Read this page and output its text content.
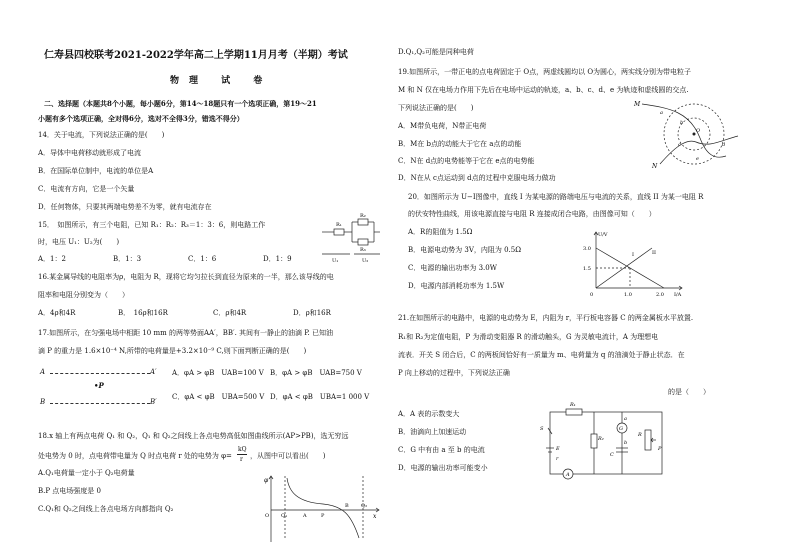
仁寿县四校联考2021-2022学年高二上学期11月月考（半期）考试
物理 试 卷
二、选择题（本题共8个小题，每小题6分，第14～18题只有一个选项正确，第19～21
小题有多个选项正确，全对得6分，选对不全得3分，错选不得分）
14．关于电流，下列说法正确的是(　　)
A．导体中电荷移动就形成了电流
B．在国际单位制中，电流的单位是A
C．电流有方向，它是一个矢量
D．任何物体，只要其两端电势差不为零，就有电流存在
15．　如图所示，有三个电阻，已知 R₁：R₂：R₃＝1：3：6，则电路工作
时，电压 U₁：U₂为(　　)
A．1：2	B．1：3	C．1：6	D．1：9
R₁
R₂
R₃
U₁	U₂
16.某金属导线的电阻率为ρ，电阻为 R，现将它均匀拉长到直径为原来的一半，那么该导线的电
阻率和电阻分别变为（　　）
A．4ρ和4R	B．　16ρ和16R	C．ρ和4R	D．ρ和16R
17.如图所示，在匀强电场中相距 10 mm 的两等势面AA′，BB′. 其间有一静止的油滴 P. 已知油
滴 P 的重力是 1.6×10⁻⁴ N,所带的电荷量是+3.2×10⁻⁹ C,则下面判断正确的是(　　)
A	A′
•P
B	B′
A．φA > φB　UAB=100 V B．φA > φB　UAB=750 V
C．φA < φB　UBA=500 V D．φA < φB　UBA=1 000 V
18.x 轴上有两点电荷 Q₁ 和 Q₂，Q₁ 和 Q₂之间线上各点电势高低如图曲线所示(AP>PB)，选无穷远
处电势为 0 时，点电荷带电量为 Q 时点电荷 r 处的电势为 φ=
kQ
r ，从图中可以看出(　　)
A.Q₁电荷量一定小于 Q₂电荷量
B.P 点电场强度是 0
C.Q₁和 Q₂之间线上各点电场方向都指向 Q₂
φ
O Q₁	A	P
B Q₂
x
D.Q₁,Q₂可能是同种电荷
19.如图所示，一带正电的点电荷固定于 O点，两虚线圆均以 O为圆心，两实线分别为带电粒子
M 和 N 仅在电场力作用下先后在电场中运动的轨迹，a、b、c、d、e 为轨迹和虚线圆的交点.
下列说法正确的是(　　)
A．M带负电荷，N带正电荷
B．M在 b点的动能大于它在 a点的动能
C．N在 d点的电势能等于它在 e点的电势能
D．N在从 c点运动到 d点的过程中克服电场力做功
M
a
b
O
c	d
e
N
20．如图所示为 U−I图像中，直线 I 为某电源的路端电压与电流的关系，直线 II 为某一电阻 R
的伏安特性曲线，用该电源直接与电阻 R 连接成闭合电路，由图像可知（　　）
A．R的阻值为 1.5Ω
B．电源电动势为 3V，内阻为 0.5Ω
C．电源的输出功率为 3.0W
D．电源内部消耗功率为 1.5W
U/V
I/A
3.0
1.5
1.0	2.0
0
I	II
21.在如图所示的电路中，电源的电动势为 E，内阻为 r，平行板电容器 C 的两金属板水平放置.
R₁和 R₂为定值电阻，P 为滑动变阻器 R 的滑动触头，G 为灵敏电流计，A 为理想电
流表．开关 S 闭合后，C 的两板间恰好有一质量为 m、电荷量为 q 的油滴处于静止状态．在
P 向上移动的过程中，下列说法正确
的是（　　）
A．A 表的示数变大
B．油滴向上加速运动
C．G 中有由 a 至 b 的电流
D．电源的输出功率可能变小
R₁
S
E
r
R₂
G
C
R
P
A
a
b
